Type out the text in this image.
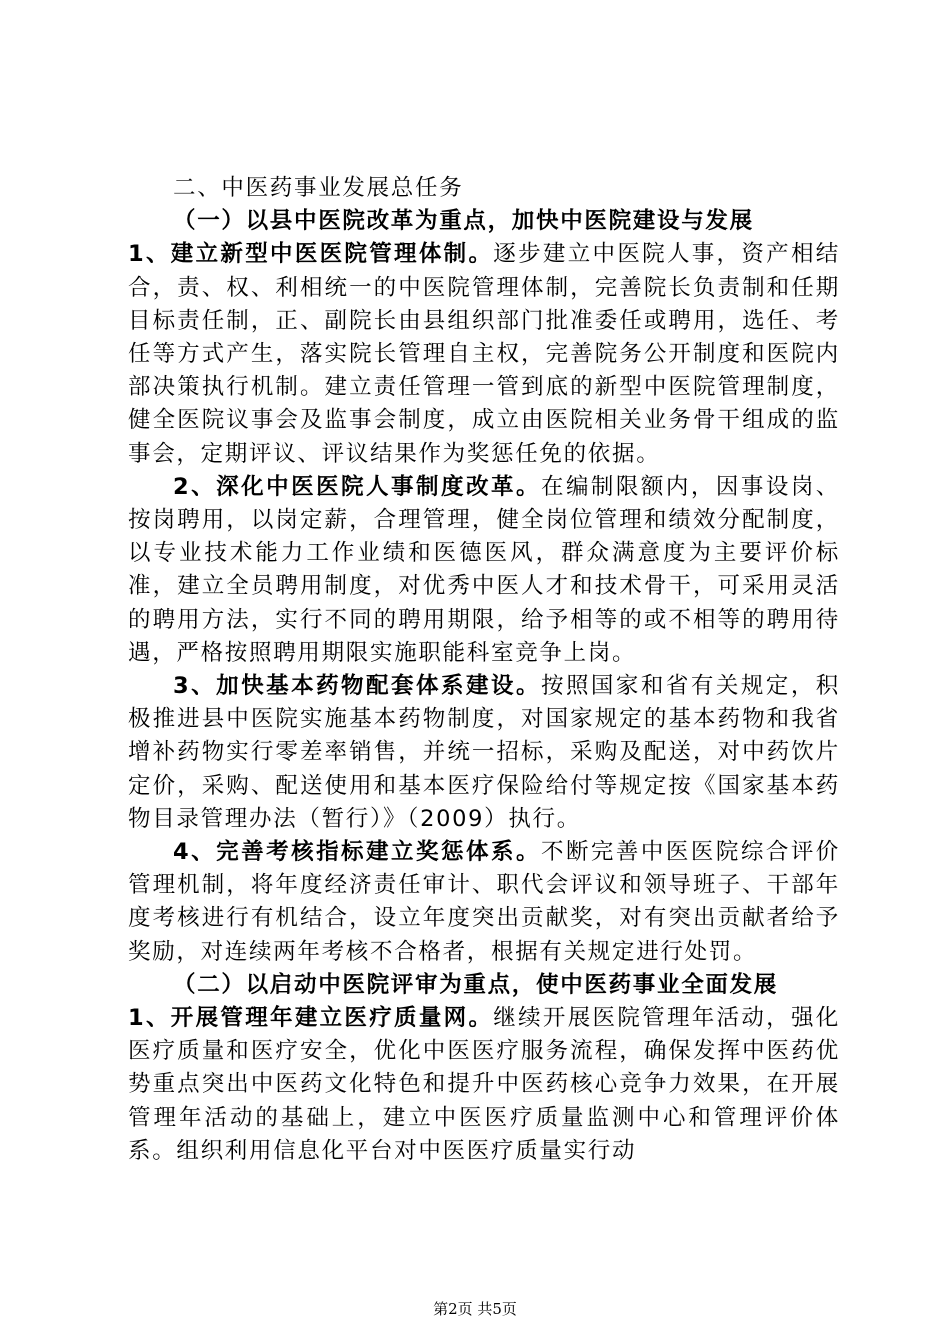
二、中医药事业发展总任务

（一）以县中医院改革为重点，加快中医院建设与发展

1、建立新型中医医院管理体制。逐步建立中医院人事，资产相结合，责、权、利相统一的中医院管理体制，完善院长负责制和任期目标责任制，正、副院长由县组织部门批准委任或聘用，选任、考任等方式产生，落实院长管理自主权，完善院务公开制度和医院内部决策执行机制。建立责任管理一管到底的新型中医院管理制度，健全医院议事会及监事会制度，成立由医院相关业务骨干组成的监事会，定期评议、评议结果作为奖惩任免的依据。

2、深化中医医院人事制度改革。在编制限额内，因事设岗、按岗聘用，以岗定薪，合理管理，健全岗位管理和绩效分配制度，以专业技术能力工作业绩和医德医风，群众满意度为主要评价标准，建立全员聘用制度，对优秀中医人才和技术骨干，可采用灵活的聘用方法，实行不同的聘用期限，给予相等的或不相等的聘用待遇，严格按照聘用期限实施职能科室竞争上岗。

3、加快基本药物配套体系建设。按照国家和省有关规定，积极推进县中医院实施基本药物制度，对国家规定的基本药物和我省增补药物实行零差率销售，并统一招标，采购及配送，对中药饮片定价，采购、配送使用和基本医疗保险给付等规定按《国家基本药物目录管理办法（暂行）》（2009）执行。

4、完善考核指标建立奖惩体系。不断完善中医医院综合评价管理机制，将年度经济责任审计、职代会评议和领导班子、干部年度考核进行有机结合，设立年度突出贡献奖，对有突出贡献者给予奖励，对连续两年考核不合格者，根据有关规定进行处罚。

（二）以启动中医院评审为重点，使中医药事业全面发展

1、开展管理年建立医疗质量网。继续开展医院管理年活动，强化医疗质量和医疗安全，优化中医医疗服务流程，确保发挥中医药优势重点突出中医药文化特色和提升中医药核心竞争力效果，在开展管理年活动的基础上，建立中医医疗质量监测中心和管理评价体系。组织利用信息化平台对中医医疗质量实行动

第2页 共5页
